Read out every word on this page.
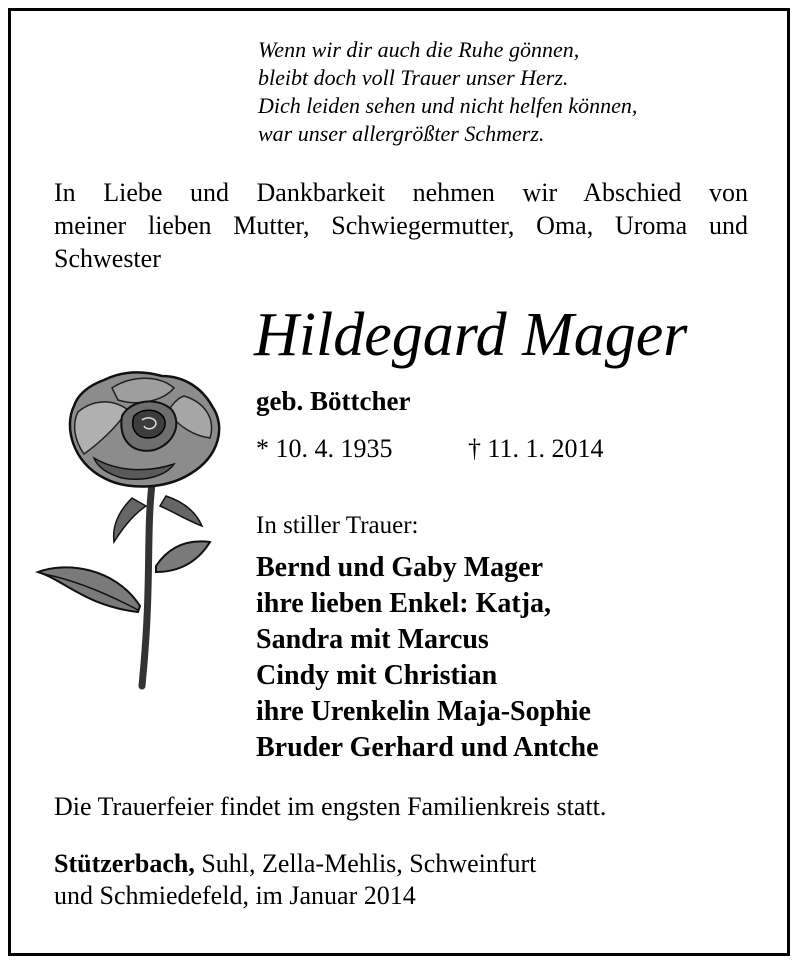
Wenn wir dir auch die Ruhe gönnen,
bleibt doch voll Trauer unser Herz.
Dich leiden sehen und nicht helfen können,
war unser allergrößter Schmerz.
In Liebe und Dankbarkeit nehmen wir Abschied von
meiner lieben Mutter, Schwiegermutter, Oma, Uroma und
Schwester
Hildegard Mager
geb. Böttcher
* 10. 4. 1935	† 11. 1. 2014
In stiller Trauer:
Bernd und Gaby Mager
ihre lieben Enkel: Katja,
Sandra mit Marcus
Cindy mit Christian
ihre Urenkelin Maja-Sophie
Bruder Gerhard und Antche
Die Trauerfeier findet im engsten Familienkreis statt.
Stützerbach, Suhl, Zella-Mehlis, Schweinfurt
und Schmiedefeld, im Januar 2014
